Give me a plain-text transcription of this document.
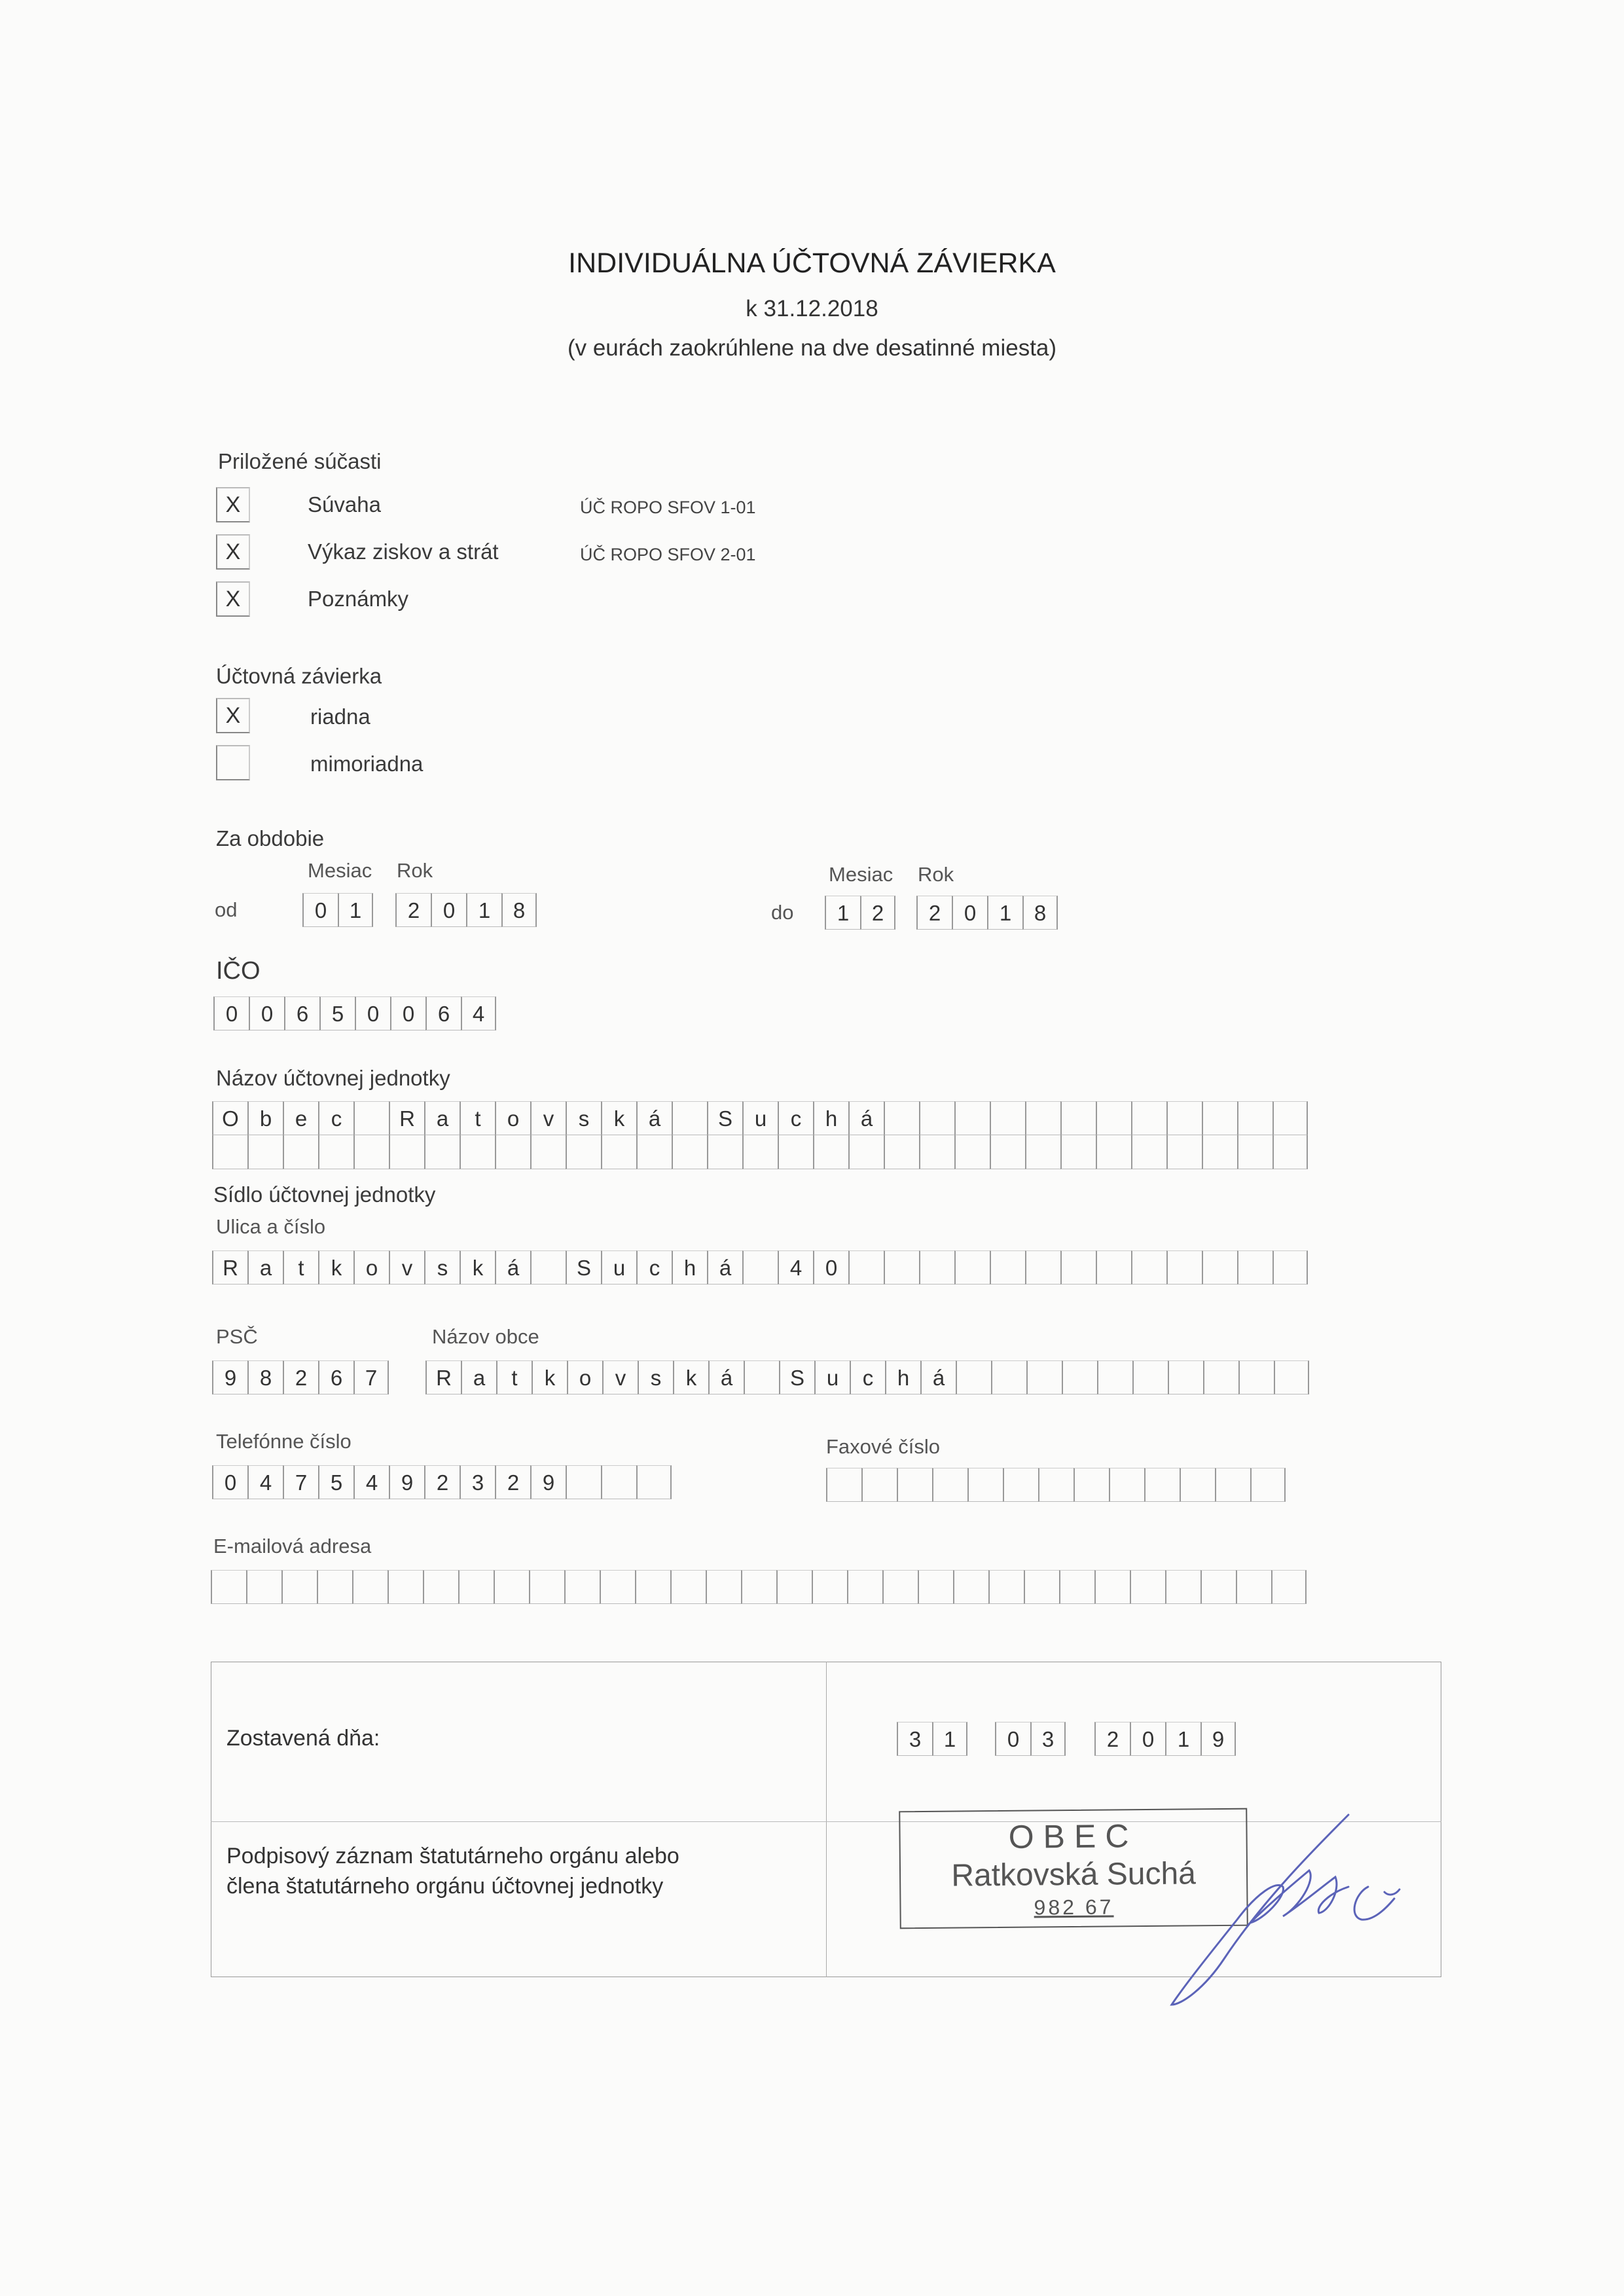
INDIVIDUÁLNA ÚČTOVNÁ ZÁVIERKA
k 31.12.2018
(v eurách zaokrúhlene na dve desatinné miesta)
Priložené súčasti
X	Súvaha	ÚČ ROPO SFOV 1-01
X	Výkaz ziskov a strát	ÚČ ROPO SFOV 2-01
X	Poznámky
Účtovná závierka
X	riadna
mimoriadna
Za obdobie
Mesiac Rok
od	0	1	2	0	1	8
Mesiac Rok
do	1	2	2	0	1	8
IČO
0	0	6	5	0	0	6	4
Názov účtovnej jednotky
O b	e	c	R a	t	o	v	s	k	á	S	u	c	h	á
Sídlo účtovnej jednotky
Ulica a číslo
R a	t	k	o	v	s	k	á	S	u	c	h	á	4	0
PSČ	Názov obce
9	8	2	6	7	R a	t	k	o	v	s	k	á	S	u	c	h	á
Telefónne číslo	Faxové číslo
0	4	7	5	4	9	2	3	2	9
E-mailová adresa
Zostavená dňa:	3	1	0	3	2	0	1	9
Podpisový záznam štatutárneho orgánu alebo
člena štatutárneho orgánu účtovnej jednotky
OBEC
Ratkovská Suchá
982 67
